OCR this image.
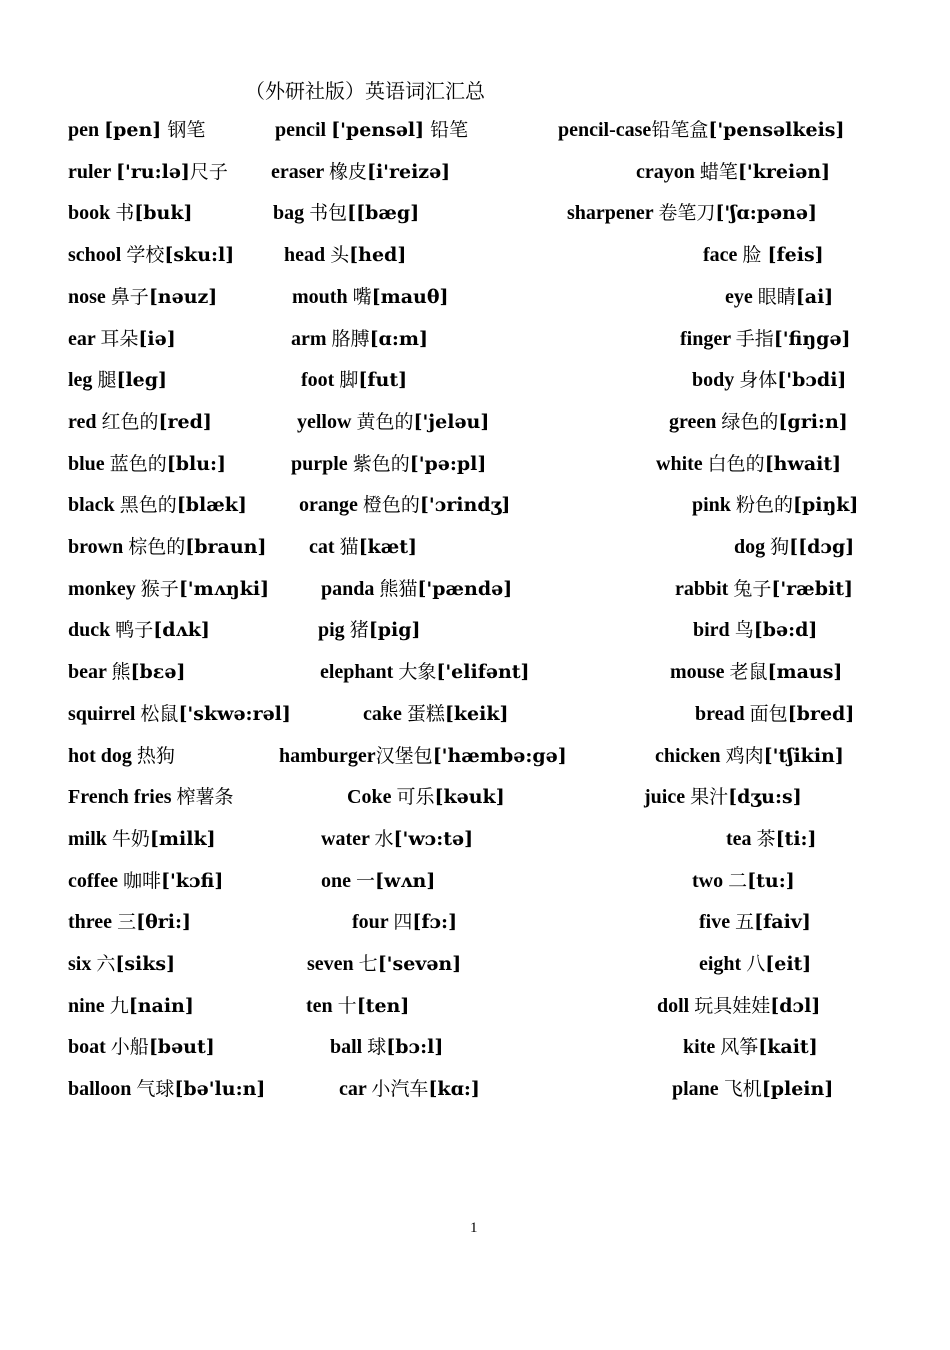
（外研社版）英语词汇汇总
pen [pen] 钢笔	pencil ['pensəl] 铅笔	pencil-case铅笔盒['pensəlkeis]
ruler ['ru:lə]尺子 eraser 橡皮[i'reizə]	crayon 蜡笔['kreiən]
book 书[buk]	bag 书包[[bæg]	sharpener 卷笔刀['ʃɑ:pənə]
school 学校[sku:l] head 头[hed]	face 脸 [feis]
nose 鼻子[nəuz]	mouth 嘴[mauθ]	eye 眼睛[ai]
ear 耳朵[iə]	arm 胳膊[ɑ:m]	finger 手指['fiŋgə]
leg 腿[leg]	foot 脚[fut]	body 身体['bɔdi]
red 红色的[red]	yellow 黄色的['jeləu]	green 绿色的[gri:n]
blue 蓝色的[blu:]	purple 紫色的['pə:pl]	white 白色的[hwait]
black 黑色的[blæk]	orange 橙色的['ɔrindʒ]	pink 粉色的[piŋk]
brown 棕色的[braun] cat 猫[kæt]	dog 狗[[dɔg]
monkey 猴子['mʌŋki]	panda 熊猫['pændə]	rabbit 兔子['ræbit]
duck 鸭子[dʌk]	pig 猪[pig]	bird 鸟[bə:d]
bear 熊[bɛə]	elephant 大象['elifənt]	mouse 老鼠[maus]
squirrel 松鼠['skwə:rəl]	cake 蛋糕[keik]	bread 面包[bred]
hot dog 热狗	hamburger汉堡包['hæmbə:gə]	chicken 鸡肉['tʃikin]
French fries 榨薯条	Coke 可乐[kəuk]	juice 果汁[dʒu:s]
milk 牛奶[milk]	water 水['wɔ:tə]	tea 茶[ti:]
coffee 咖啡['kɔfi]	one 一[wʌn]	two 二[tu:]
three 三[θri:]	four 四[fɔ:]	five 五[faiv]
six 六[siks]	seven 七['sevən]	eight 八[eit]
nine 九[nain]	ten 十[ten]	doll 玩具娃娃[dɔl]
boat 小船[bəut]	ball 球[bɔ:l]	kite 风筝[kait]
balloon 气球[bə'lu:n]	car 小汽车[kɑ:]	plane 飞机[plein]
1
